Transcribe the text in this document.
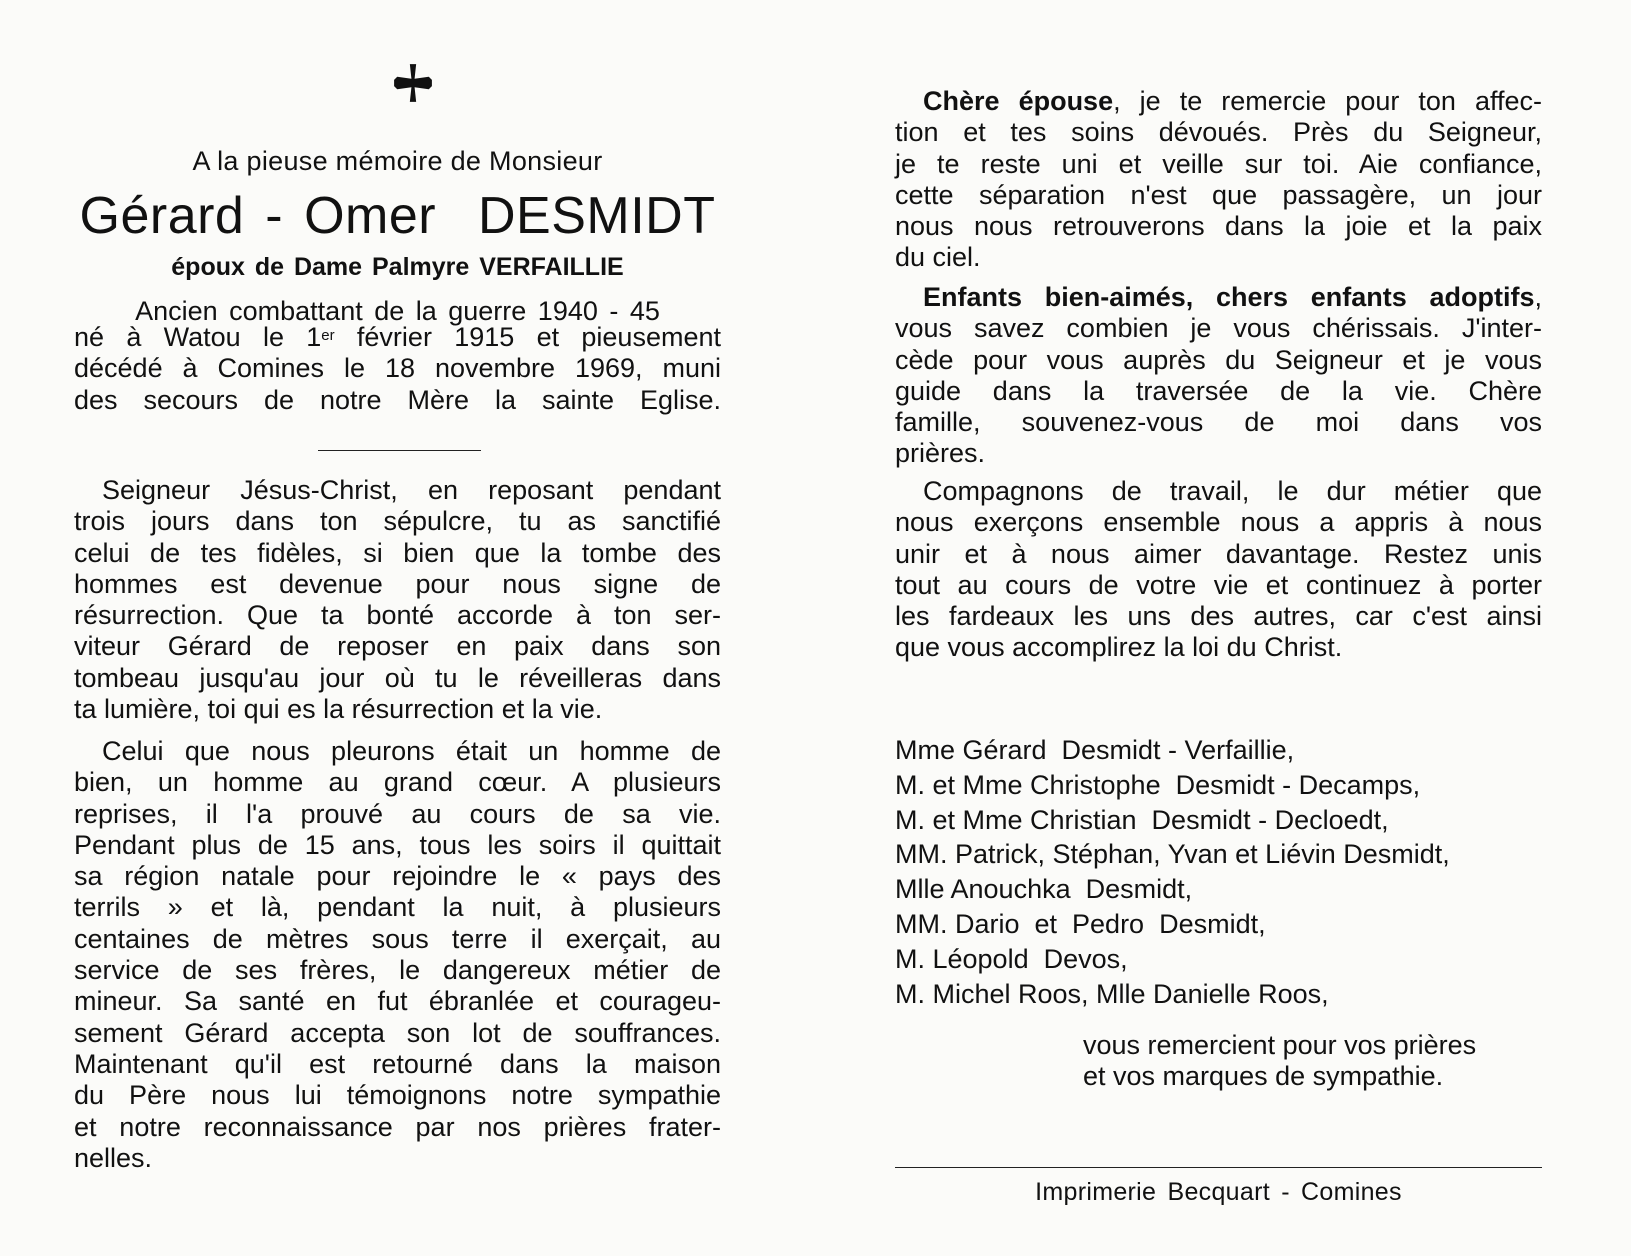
A la pieuse mémoire de Monsieur
Gérard - Omer  DESMIDT
époux de Dame Palmyre VERFAILLIE
Ancien combattant de la guerre 1940 - 45
né à Watou le 1er février 1915 et pieusement
décédé à Comines le 18 novembre 1969, muni
des secours de notre Mère la sainte Eglise.
Seigneur Jésus-Christ, en reposant pendant
trois jours dans ton sépulcre, tu as sanctifié
celui de tes fidèles, si bien que la tombe des
hommes est devenue pour nous signe de
résurrection. Que ta bonté accorde à ton ser-
viteur Gérard de reposer en paix dans son
tombeau jusqu'au jour où tu le réveilleras dans
ta lumière, toi qui es la résurrection et la vie.
Celui que nous pleurons était un homme de
bien, un homme au grand cœur. A plusieurs
reprises, il l'a prouvé au cours de sa vie.
Pendant plus de 15 ans, tous les soirs il quittait
sa région natale pour rejoindre le « pays des
terrils » et là, pendant la nuit, à plusieurs
centaines de mètres sous terre il exerçait, au
service de ses frères, le dangereux métier de
mineur. Sa santé en fut ébranlée et courageu-
sement Gérard accepta son lot de souffrances.
Maintenant qu'il est retourné dans la maison
du Père nous lui témoignons notre sympathie
et notre reconnaissance par nos prières frater-
nelles.
Chère épouse, je te remercie pour ton affec-
tion et tes soins dévoués. Près du Seigneur,
je te reste uni et veille sur toi. Aie confiance,
cette séparation n'est que passagère, un jour
nous nous retrouverons dans la joie et la paix
du ciel.
Enfants bien-aimés, chers enfants adoptifs,
vous savez combien je vous chérissais. J'inter-
cède pour vous auprès du Seigneur et je vous
guide dans la traversée de la vie. Chère
famille, souvenez-vous de moi dans vos
prières.
Compagnons de travail, le dur métier que
nous exerçons ensemble nous a appris à nous
unir et à nous aimer davantage. Restez unis
tout au cours de votre vie et continuez à porter
les fardeaux les uns des autres, car c'est ainsi
que vous accomplirez la loi du Christ.
Mme Gérard  Desmidt - Verfaillie,
M. et Mme Christophe  Desmidt - Decamps,
M. et Mme Christian  Desmidt - Decloedt,
MM. Patrick, Stéphan, Yvan et Liévin Desmidt,
Mlle Anouchka  Desmidt,
MM. Dario  et  Pedro  Desmidt,
M. Léopold  Devos,
M. Michel Roos, Mlle Danielle Roos,
vous remercient pour vos prières
et vos marques de sympathie.
Imprimerie Becquart - Comines
